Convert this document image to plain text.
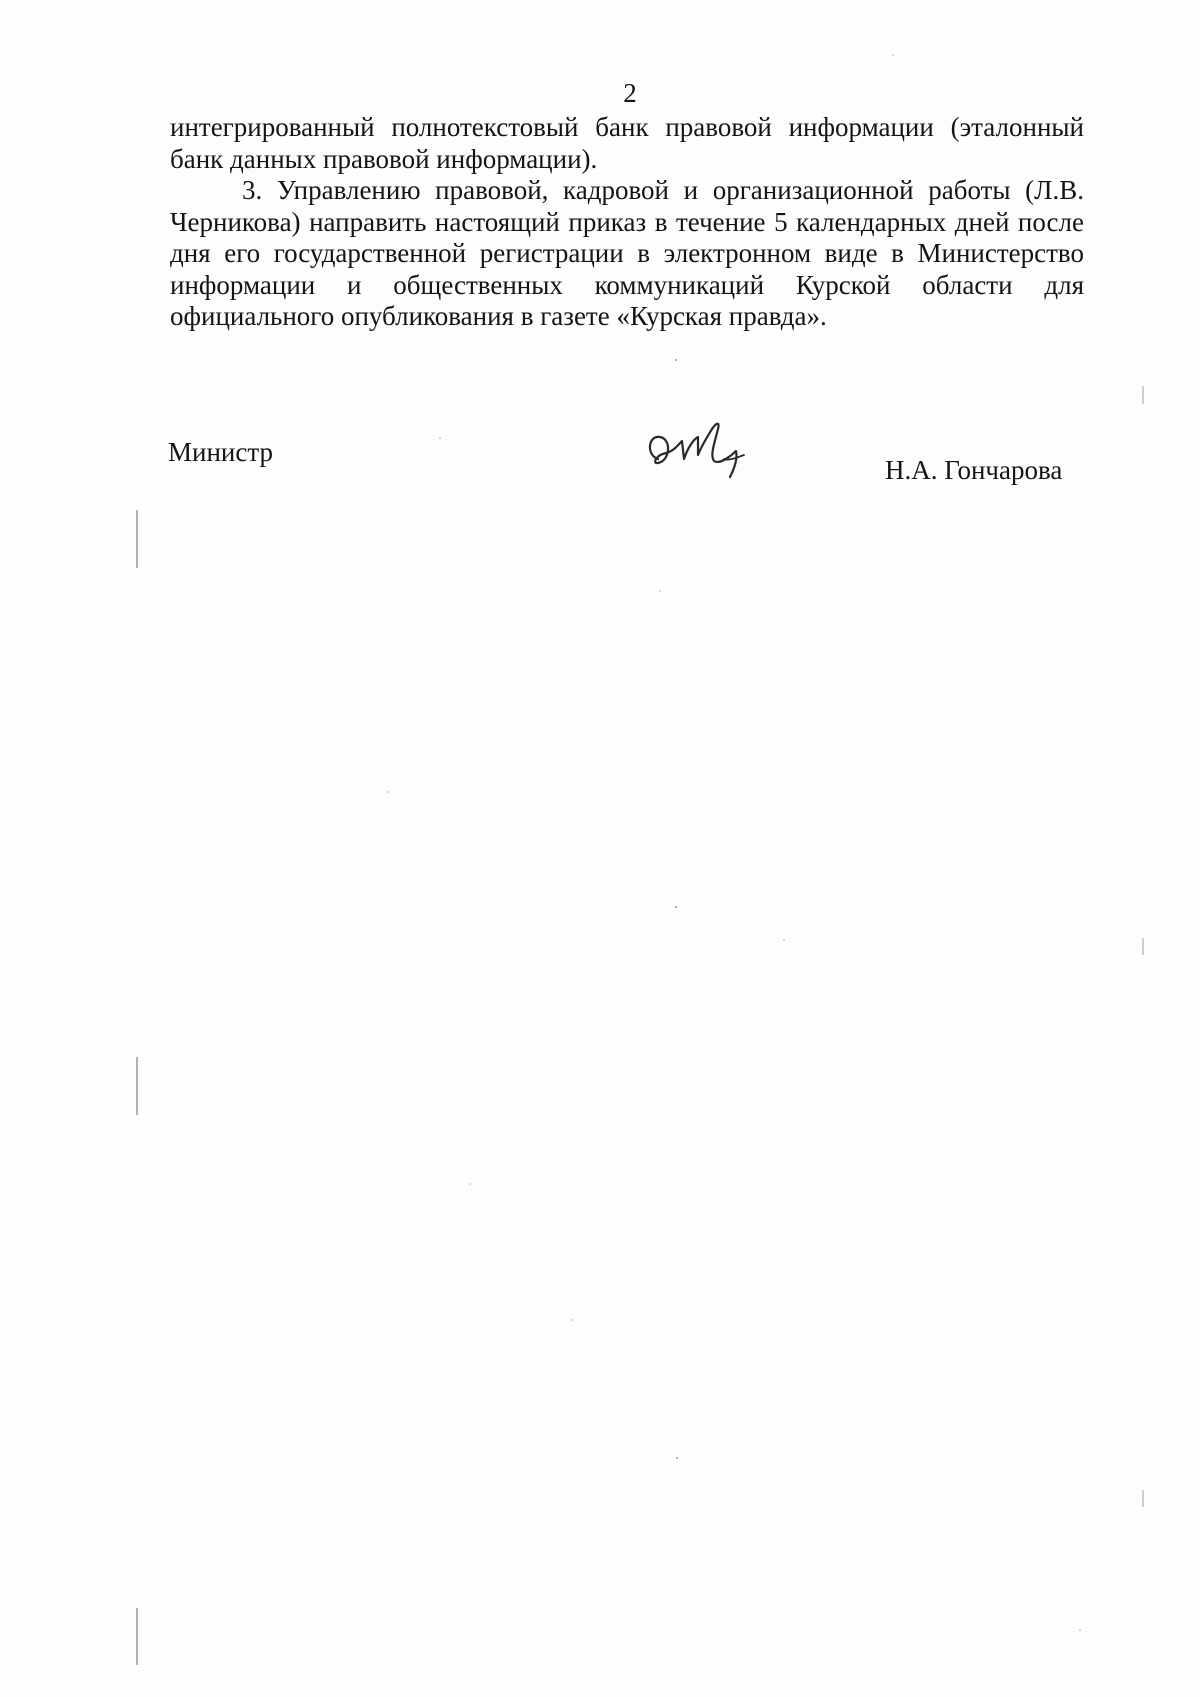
2

интегрированный полнотекстовый банк правовой информации (эталонный банк данных правовой информации).

3. Управлению правовой, кадровой и организационной работы (Л.В. Черникова) направить настоящий приказ в течение 5 календарных дней после дня его государственной регистрации в электронном виде в Министерство информации и общественных коммуникаций Курской области для официального опубликования в газете «Курская правда».

Министр
Н.А. Гончарова
